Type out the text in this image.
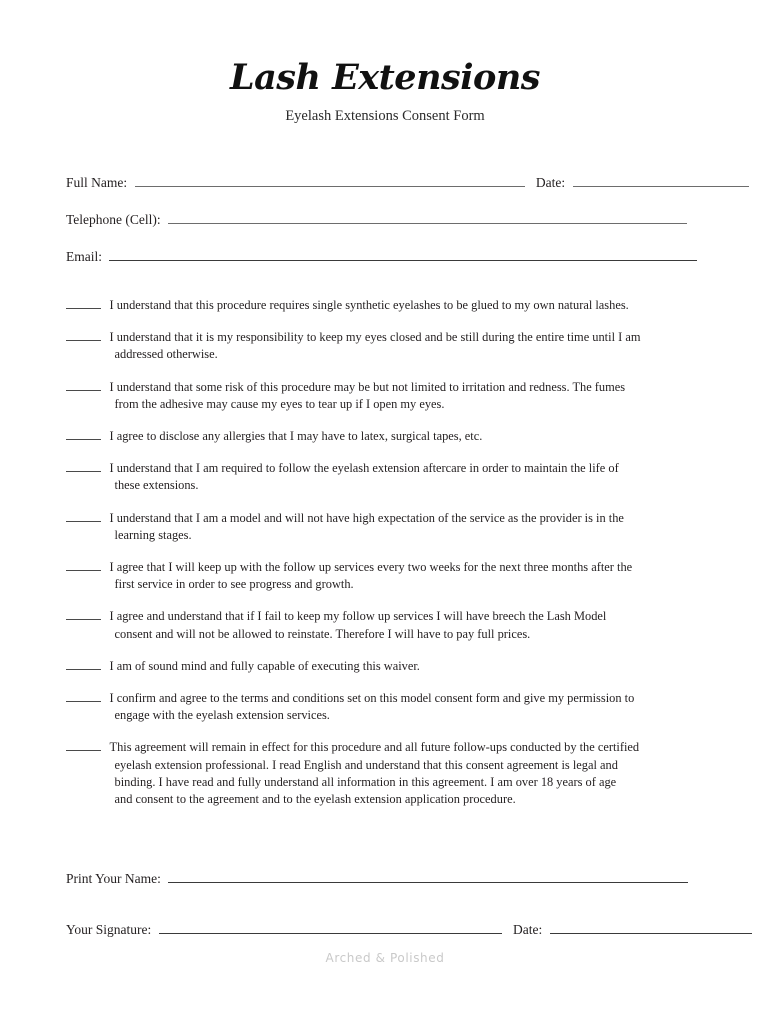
Lash Extensions
Eyelash Extensions Consent Form
Full Name:	Date:
Telephone (Cell):
Email:
I understand that this procedure requires single synthetic eyelashes to be glued to my own natural lashes.
I understand that it is my responsibility to keep my eyes closed and be still during the entire time until I am
addressed otherwise.
I understand that some risk of this procedure may be but not limited to irritation and redness. The fumes
from the adhesive may cause my eyes to tear up if I open my eyes.
I agree to disclose any allergies that I may have to latex, surgical tapes, etc.
I understand that I am required to follow the eyelash extension aftercare in order to maintain the life of
these extensions.
I understand that I am a model and will not have high expectation of the service as the provider is in the
learning stages.
I agree that I will keep up with the follow up services every two weeks for the next three months after the
first service in order to see progress and growth.
I agree and understand that if I fail to keep my follow up services I will have breech the Lash Model
consent and will not be allowed to reinstate. Therefore I will have to pay full prices.
I am of sound mind and fully capable of executing this waiver.
I confirm and agree to the terms and conditions set on this model consent form and give my permission to
engage with the eyelash extension services.
This agreement will remain in effect for this procedure and all future follow-ups conducted by the certified
eyelash extension professional. I read English and understand that this consent agreement is legal and
binding. I have read and fully understand all information in this agreement. I am over 18 years of age
and consent to the agreement and to the eyelash extension application procedure.
Print Your Name:
Your Signature:	Date:
Arched & Polished
